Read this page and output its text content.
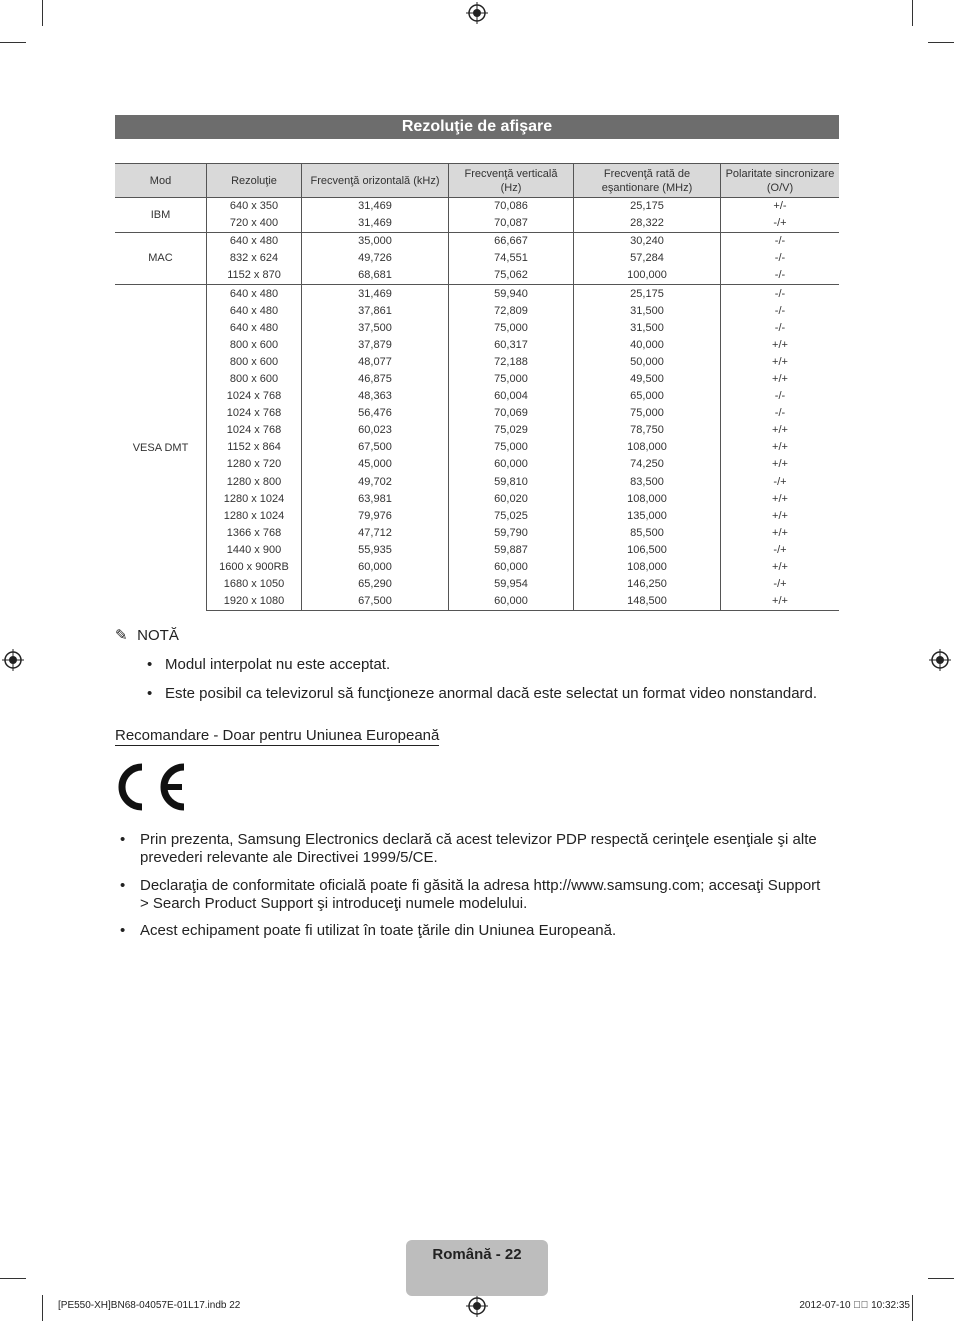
Rezoluţie de afişare
Mod	Rezoluţie	Frecvenţă orizontală (kHz)	Frecvenţă verticală (Hz)	Frecvenţă rată de eşantionare (MHz)	Polaritate sincronizare (O/V)
IBM	640 x 350	31,469	70,086	25,175	+/-
	720 x 400	31,469	70,087	28,322	-/+
MAC	640 x 480	35,000	66,667	30,240	-/-
	832 x 624	49,726	74,551	57,284	-/-
	1152 x 870	68,681	75,062	100,000	-/-
VESA DMT	640 x 480	31,469	59,940	25,175	-/-
	640 x 480	37,861	72,809	31,500	-/-
	640 x 480	37,500	75,000	31,500	-/-
	800 x 600	37,879	60,317	40,000	+/+
	800 x 600	48,077	72,188	50,000	+/+
	800 x 600	46,875	75,000	49,500	+/+
	1024 x 768	48,363	60,004	65,000	-/-
	1024 x 768	56,476	70,069	75,000	-/-
	1024 x 768	60,023	75,029	78,750	+/+
	1152 x 864	67,500	75,000	108,000	+/+
	1280 x 720	45,000	60,000	74,250	+/+
	1280 x 800	49,702	59,810	83,500	-/+
	1280 x 1024	63,981	60,020	108,000	+/+
	1280 x 1024	79,976	75,025	135,000	+/+
	1366 x 768	47,712	59,790	85,500	+/+
	1440 x 900	55,935	59,887	106,500	-/+
	1600 x 900RB	60,000	60,000	108,000	+/+
	1680 x 1050	65,290	59,954	146,250	-/+
	1920 x 1080	67,500	60,000	148,500	+/+
✎ NOTĂ
• Modul interpolat nu este acceptat.
• Este posibil ca televizorul să funcţioneze anormal dacă este selectat un format video nonstandard.
Recomandare - Doar pentru Uniunea Europeană
• Prin prezenta, Samsung Electronics declară că acest televizor PDP respectă cerinţele esenţiale şi alte
prevederi relevante ale Directivei 1999/5/CE.
• Declaraţia de conformitate oficială poate fi găsită la adresa http://www.samsung.com; accesaţi Support
> Search Product Support şi introduceţi numele modelului.
• Acest echipament poate fi utilizat în toate ţările din Uniunea Europeană.
Română - 22
[PE550-XH]BN68-04057E-01L17.indb 22	2012-07-10 ￿￿ 10:32:35
